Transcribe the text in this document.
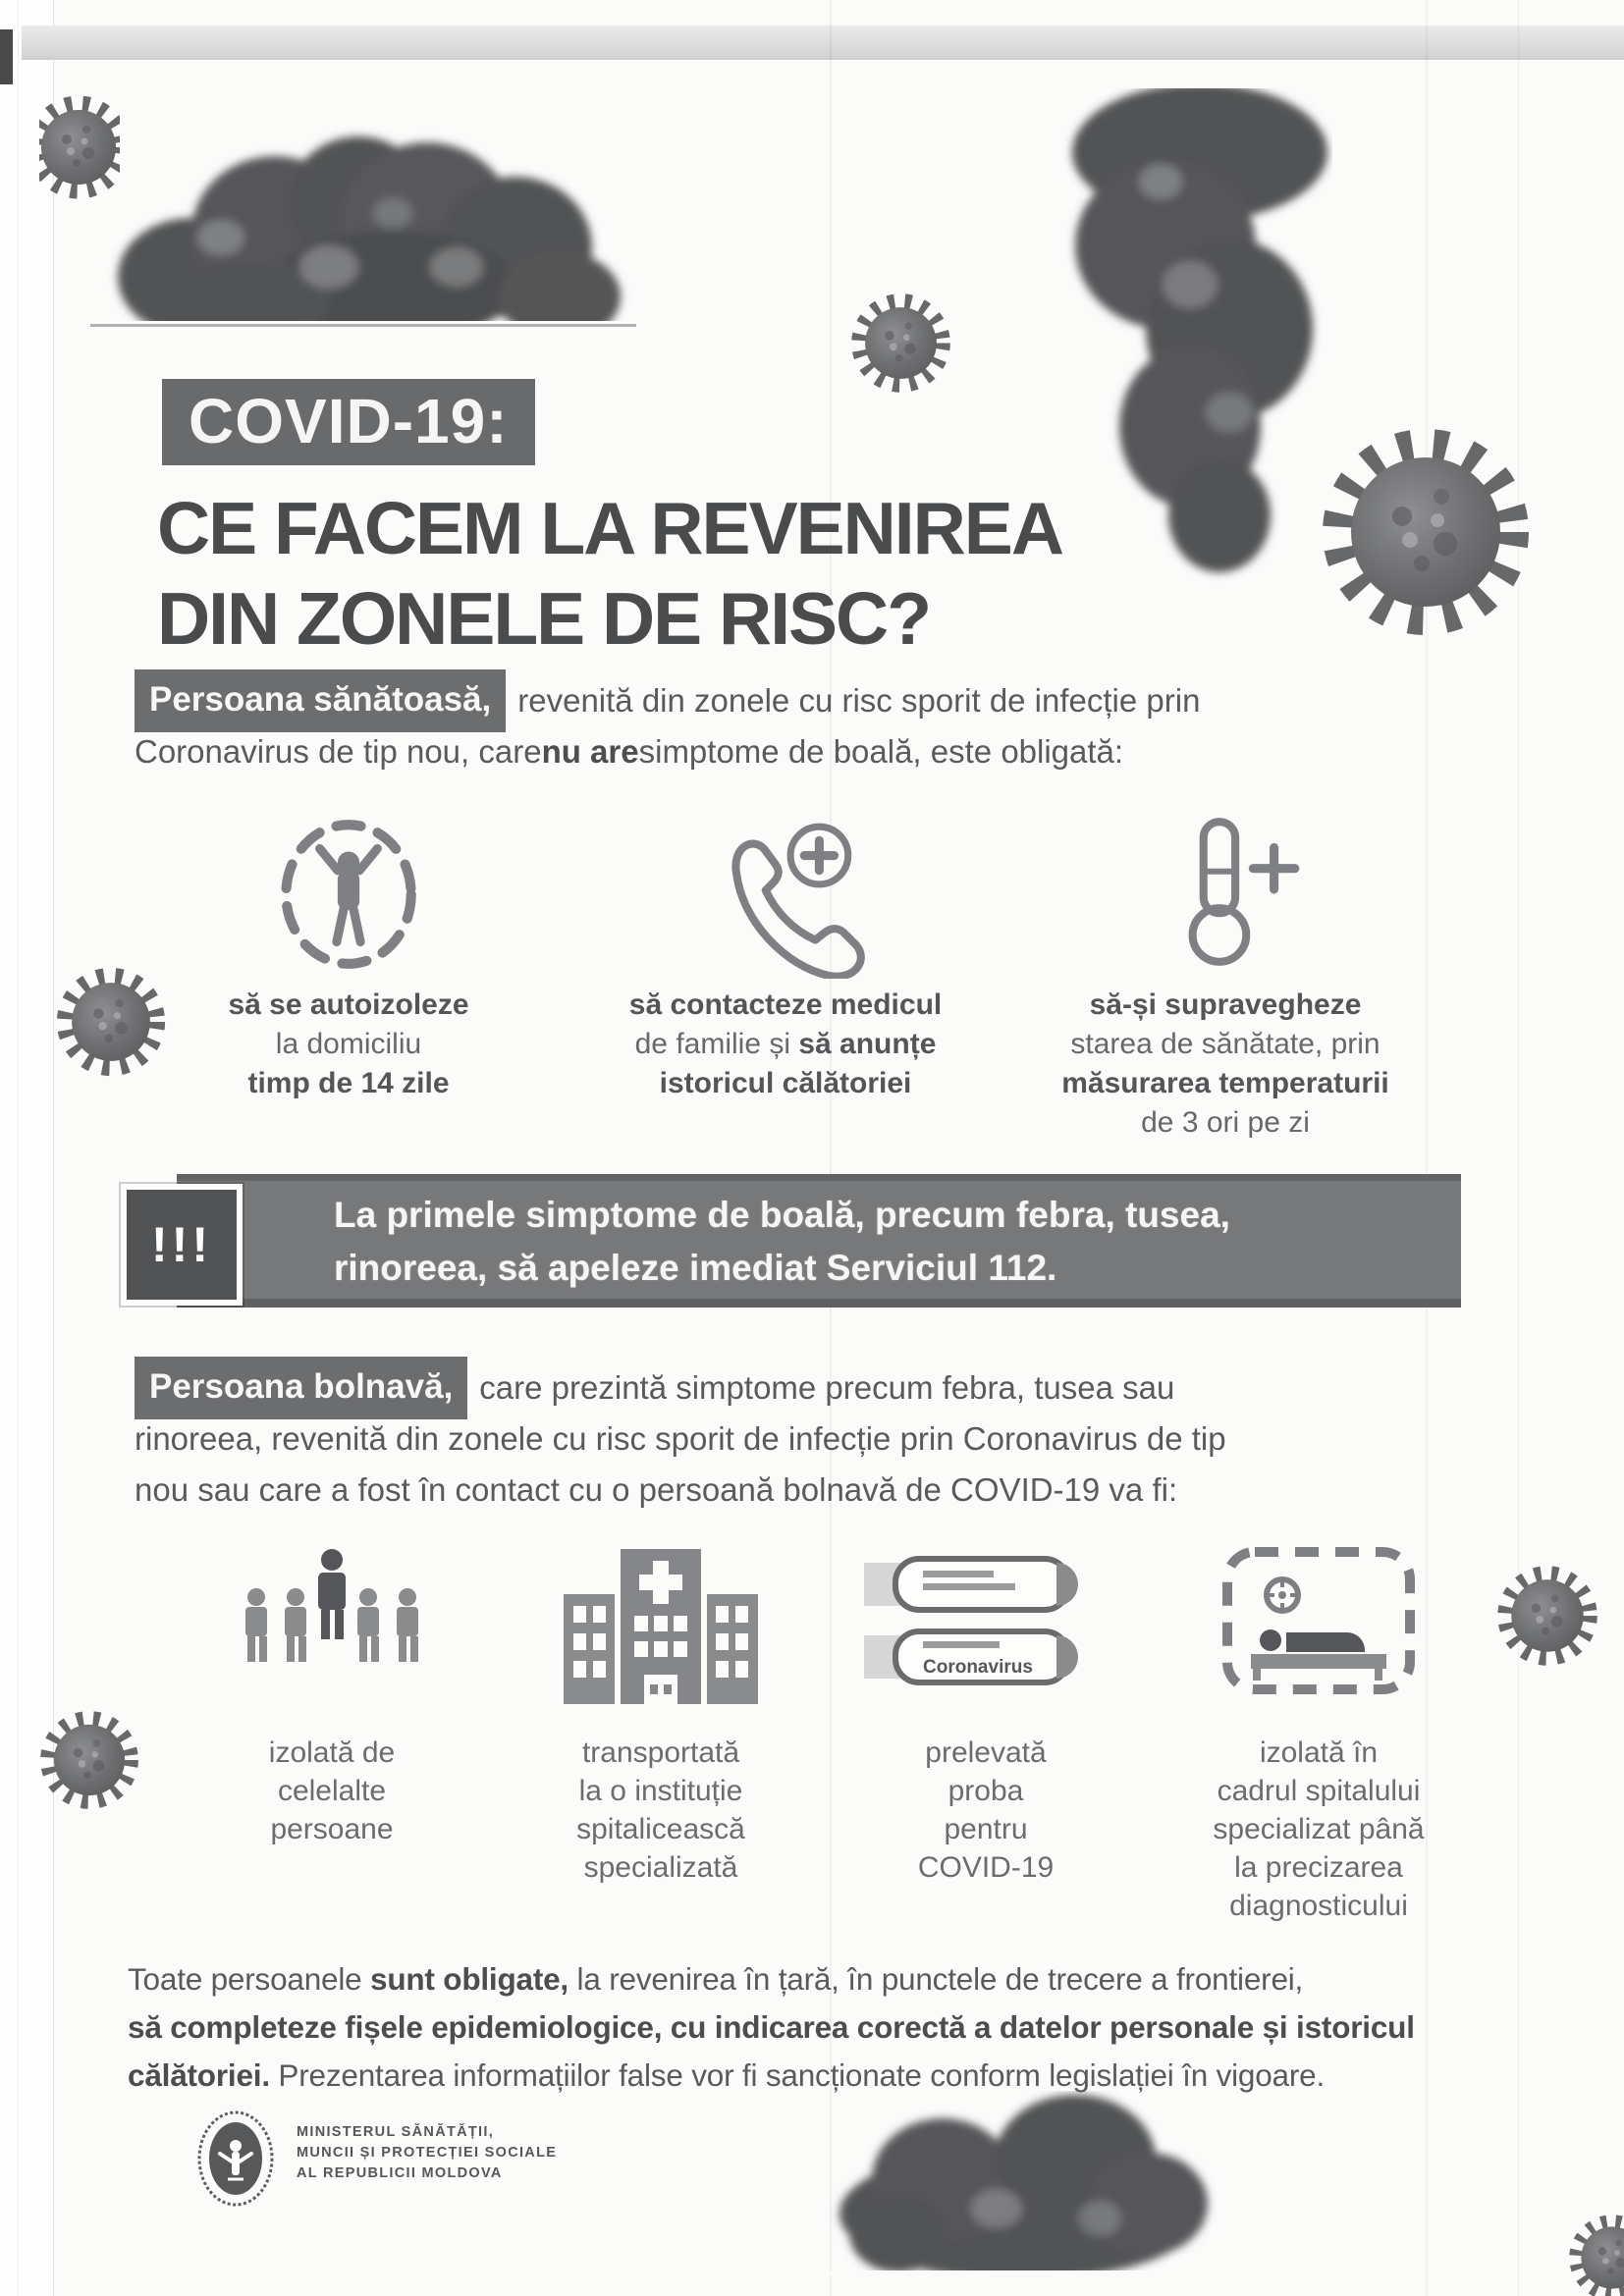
COVID-19:
CE FACEM LA REVENIREA
DIN ZONELE DE RISC?
Persoana sănătoasă, revenită din zonele cu risc sporit de infecție prin
Coronavirus de tip nou, care nu are simptome de boală, este obligată:
să se autoizoleze
la domiciliu
timp de 14 zile
să contacteze medicul
de familie și să anunțe
istoricul călătoriei
să-și supravegheze
starea de sănătate, prin
măsurarea temperaturii
de 3 ori pe zi
La primele simptome de boală, precum febra, tusea,
rinoreea, să apeleze imediat Serviciul 112.
!!!
Persoana bolnavă, care prezintă simptome precum febra, tusea sau
rinoreea, revenită din zonele cu risc sporit de infecție prin Coronavirus de tip
nou sau care a fost în contact cu o persoană bolnavă de COVID-19 va fi:
izolată de
celelalte
persoane
transportată
la o instituție
spitalicească
specializată
Coronavirus
prelevată
proba
pentru
COVID-19
izolată în
cadrul spitalului
specializat până
la precizarea
diagnosticului
Toate persoanele sunt obligate, la revenirea în țară, în punctele de trecere a frontierei,
să completeze fișele epidemiologice, cu indicarea corectă a datelor personale și istoricul
călătoriei. Prezentarea informațiilor false vor fi sancționate conform legislației în vigoare.
MINISTERUL SĂNĂTĂȚII,
MUNCII ȘI PROTECȚIEI SOCIALE
AL REPUBLICII MOLDOVA
